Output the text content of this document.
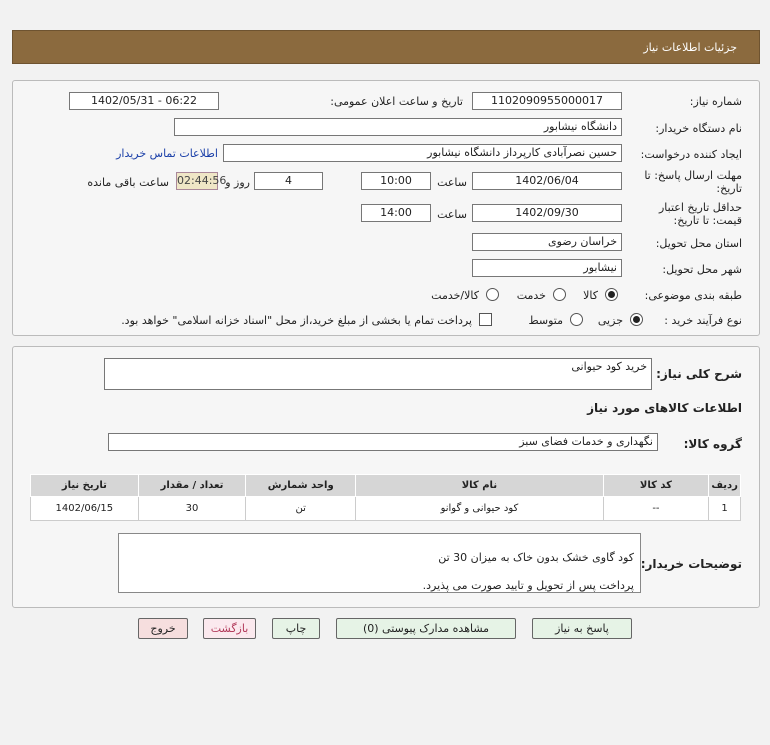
جزئیات اطلاعات نیاز
شماره نیاز:
1102090955000017
تاریخ و ساعت اعلان عمومی:
1402/05/31 - 06:22
نام دستگاه خریدار:
دانشگاه نیشابور
ایجاد کننده درخواست:
حسین نصرآبادی کارپرداز دانشگاه نیشابور
اطلاعات تماس خریدار
مهلت ارسال پاسخ: تا
تاریخ:
1402/06/04
ساعت
10:00
4
روز و
02:44:56
ساعت باقی مانده
حداقل تاریخ اعتبار
قیمت: تا تاریخ:
1402/09/30
ساعت
14:00
استان محل تحویل:
خراسان رضوی
شهر محل تحویل:
نیشابور
طبقه بندی موضوعی:
کالا
خدمت
کالا/خدمت
نوع فرآیند خرید :
جزیی
متوسط
پرداخت تمام یا بخشی از مبلغ خرید،از محل "اسناد خزانه اسلامی" خواهد بود.
شرح کلی نیاز:
خرید کود حیوانی
اطلاعات کالاهای مورد نیاز
گروه کالا:
نگهداری و خدمات فضای سبز
ردیف	کد کالا	نام کالا	واحد شمارش	تعداد / مقدار	تاریخ نیاز
1	--	کود حیوانی و گوانو	تن	30	1402/06/15
توضیحات خریدار:

کود گاوی خشک بدون خاک به میزان 30 تن

پرداخت پس از تحویل و تایید صورت می پذیرد.

پاسخ به نیاز
مشاهده مدارک پیوستی (0)
چاپ
بازگشت
خروج
